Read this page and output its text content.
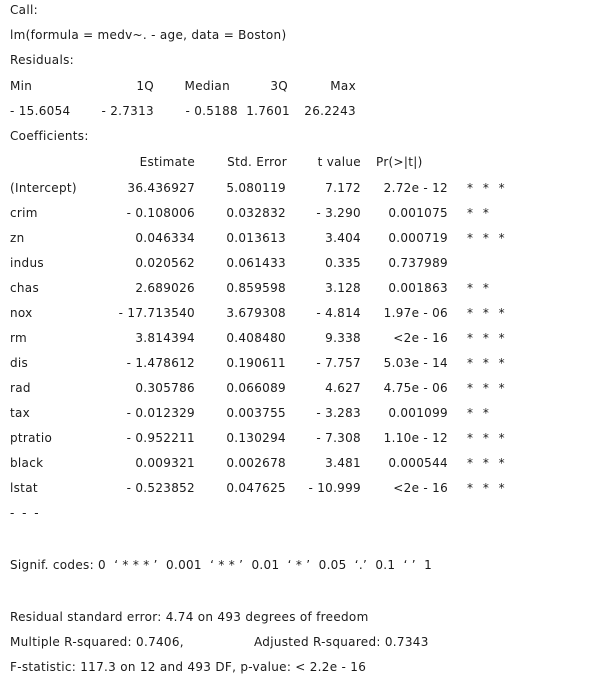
Call:
lm(formula = medv~. - age, data = Boston)
Residuals:
Min	1Q	Median	3Q	Max
- 15.6054	- 2.7313	- 0.5188 1.7601	26.2243
Coefficients:
Estimate	Std. Error	t value Pr(>|t|)
(Intercept)	36.436927	5.080119	7.172	2.72e - 12 * * *
crim	- 0.108006	0.032832	- 3.290	0.001075 * *
zn	0.046334	0.013613	3.404	0.000719 * * *
indus	0.020562	0.061433	0.335	0.737989
chas	2.689026	0.859598	3.128	0.001863 * *
nox	- 17.713540	3.679308	- 4.814	1.97e - 06 * * *
rm	3.814394	0.408480	9.338	<2e - 16 * * *
dis	- 1.478612	0.190611	- 7.757	5.03e - 14 * * *
rad	0.305786	0.066089	4.627	4.75e - 06 * * *
tax	- 0.012329	0.003755	- 3.283	0.001099 * *
ptratio	- 0.952211	0.130294	- 7.308	1.10e - 12 * * *
black	0.009321	0.002678	3.481	0.000544 * * *
lstat	- 0.523852	0.047625	- 10.999	<2e - 16 * * *
- - -
Signif. codes: 0  ‘ * * * ’  0.001  ‘ * * ’  0.01  ‘ * ’  0.05  ‘.’  0.1  ‘ ’  1
Residual standard error: 4.74 on 493 degrees of freedom
Multiple R-squared: 0.7406,	Adjusted R-squared: 0.7343
F-statistic: 117.3 on 12 and 493 DF, p-value: < 2.2e - 16
